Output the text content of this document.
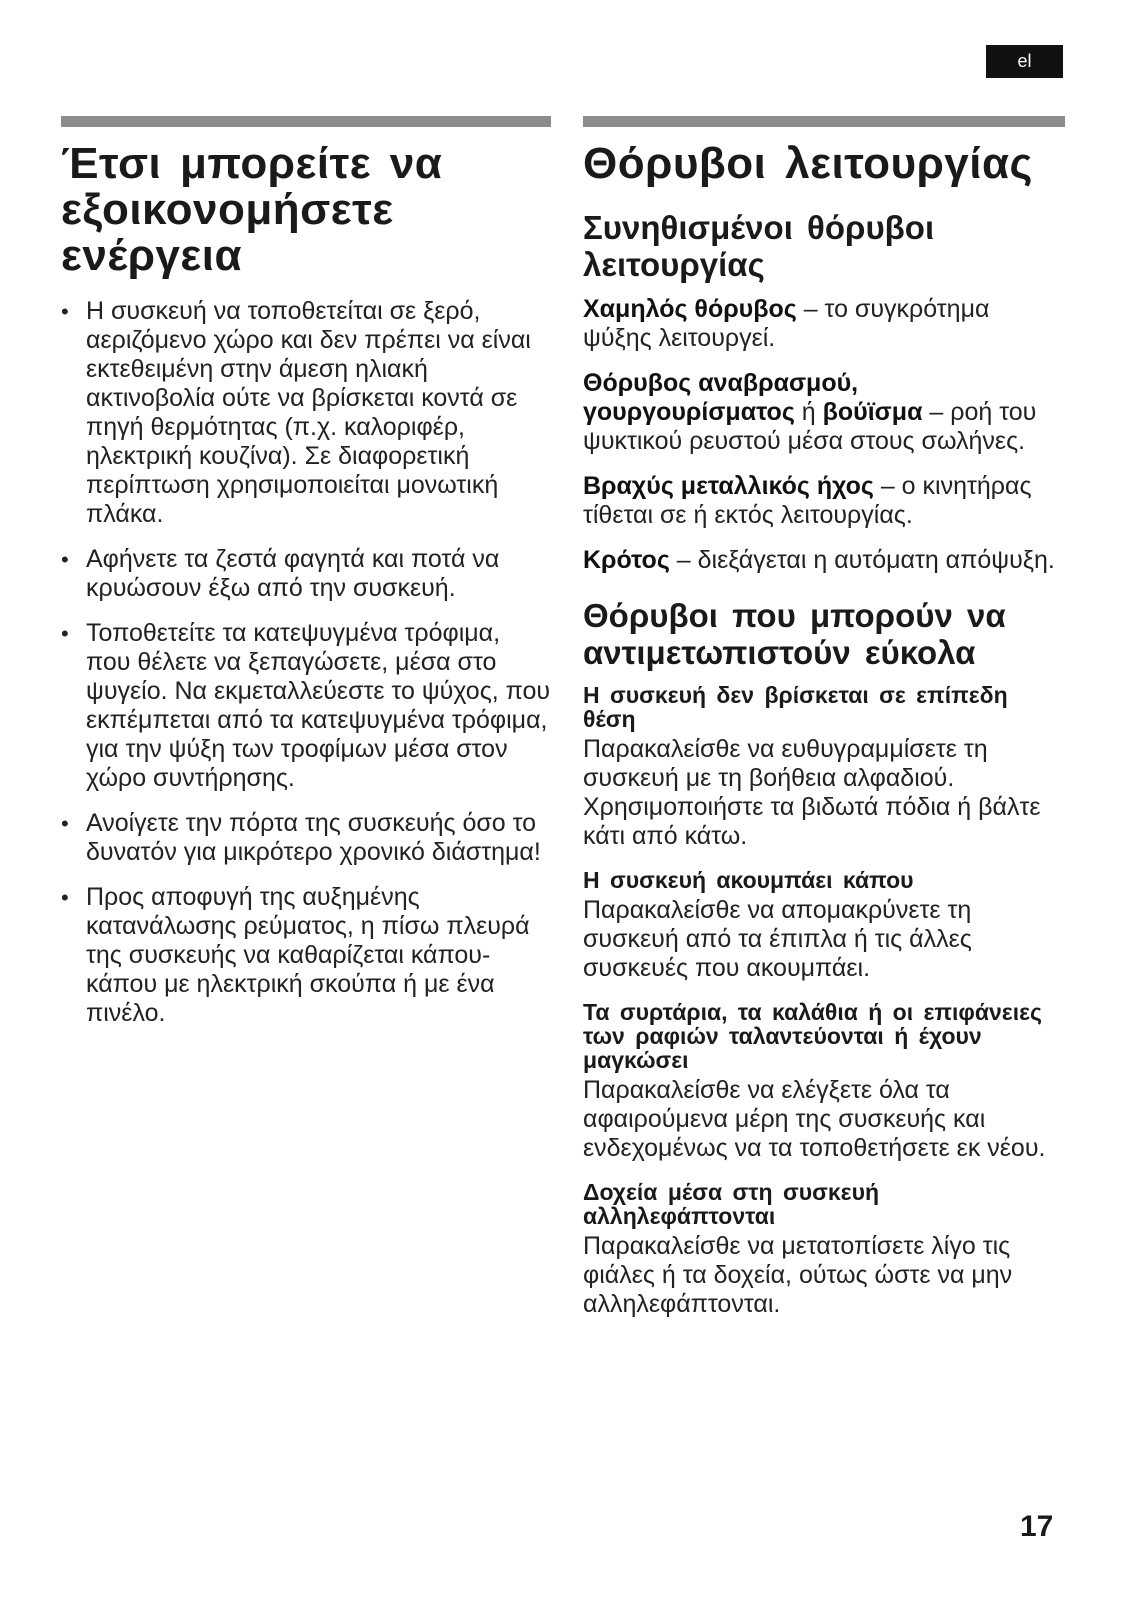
el
Έτσι μπορείτε να εξοικονομήσετε ενέργεια
• Η συσκευή να τοποθετείται σε ξερό, αεριζόμενο χώρο και δεν πρέπει να είναι εκτεθειμένη στην άμεση ηλιακή ακτινοβολία ούτε να βρίσκεται κοντά σε πηγή θερμότητας (π.χ. καλοριφέρ, ηλεκτρική κουζίνα). Σε διαφορετική περίπτωση χρησιμοποιείται μονωτική πλάκα.
• Αφήνετε τα ζεστά φαγητά και ποτά να κρυώσουν έξω από την συσκευή.
• Τοποθετείτε τα κατεψυγμένα τρόφιμα, που θέλετε να ξεπαγώσετε, μέσα στο ψυγείο. Να εκμεταλλεύεστε το ψύχος, που εκπέμπεται από τα κατεψυγμένα τρόφιμα, για την ψύξη των τροφίμων μέσα στον χώρο συντήρησης.
• Ανοίγετε την πόρτα της συσκευής όσο το δυνατόν για μικρότερο χρονικό διάστημα!
• Προς αποφυγή της αυξημένης κατανάλωσης ρεύματος, η πίσω πλευρά της συσκευής να καθαρίζεται κάπου-κάπου με ηλεκτρική σκούπα ή με ένα πινέλο.
Θόρυβοι λειτουργίας
Συνηθισμένοι θόρυβοι λειτουργίας

Χαμηλός θόρυβος – το συγκρότημα ψύξης λειτουργεί.

Θόρυβος αναβρασμού, γουργουρίσματος ή βούϊσμα – ροή του ψυκτικού ρευστού μέσα στους σωλήνες.

Βραχύς μεταλλικός ήχος – ο κινητήρας τίθεται σε ή εκτός λειτουργίας.

Κρότος – διεξάγεται η αυτόματη απόψυξη.

Θόρυβοι που μπορούν να αντιμετωπιστούν εύκολα

Η συσκευή δεν βρίσκεται σε επίπεδη θέση

Παρακαλείσθε να ευθυγραμμίσετε τη συσκευή με τη βοήθεια αλφαδιού. Χρησιμοποιήστε τα βιδωτά πόδια ή βάλτε κάτι από κάτω.

Η συσκευή ακουμπάει κάπου

Παρακαλείσθε να απομακρύνετε τη συσκευή από τα έπιπλα ή τις άλλες συσκευές που ακουμπάει.

Τα συρτάρια, τα καλάθια ή οι επιφάνειες των ραφιών ταλαντεύονται ή έχουν μαγκώσει

Παρακαλείσθε να ελέγξετε όλα τα αφαιρούμενα μέρη της συσκευής και ενδεχομένως να τα τοποθετήσετε εκ νέου.

Δοχεία μέσα στη συσκευή αλληλεφάπτονται

Παρακαλείσθε να μετατοπίσετε λίγο τις φιάλες ή τα δοχεία, ούτως ώστε να μην αλληλεφάπτονται.

17
